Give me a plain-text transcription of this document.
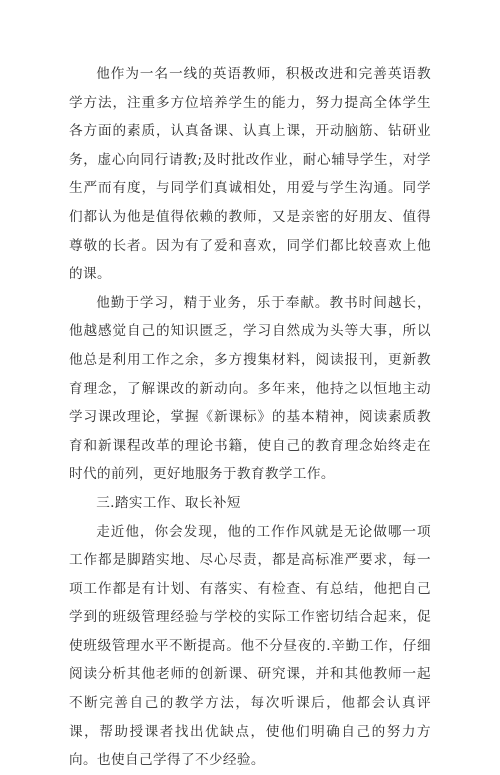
他作为一名一线的英语教师，积极改进和完善英语教学方法，注重多方位培养学生的能力，努力提高全体学生各方面的素质，认真备课、认真上课，开动脑筋、钻研业务，虚心向同行请教;及时批改作业，耐心辅导学生，对学生严而有度，与同学们真诚相处，用爱与学生沟通。同学们都认为他是值得依赖的教师，又是亲密的好朋友、值得尊敬的长者。因为有了爱和喜欢，同学们都比较喜欢上他的课。

他勤于学习，精于业务，乐于奉献。教书时间越长，他越感觉自己的知识匮乏，学习自然成为头等大事，所以他总是利用工作之余，多方搜集材料，阅读报刊，更新教育理念，了解课改的新动向。多年来，他持之以恒地主动学习课改理论，掌握《新课标》的基本精神，阅读素质教育和新课程改革的理论书籍，使自己的教育理念始终走在时代的前列，更好地服务于教育教学工作。

三.踏实工作、取长补短

走近他，你会发现，他的工作作风就是无论做哪一项工作都是脚踏实地、尽心尽责，都是高标准严要求，每一项工作都是有计划、有落实、有检查、有总结，他把自己学到的班级管理经验与学校的实际工作密切结合起来，促使班级管理水平不断提高。他不分昼夜的.辛勤工作，仔细阅读分析其他老师的创新课、研究课，并和其他教师一起不断完善自己的教学方法，每次听课后，他都会认真评课，帮助授课者找出优缺点，使他们明确自己的努力方向。也使自己学得了不少经验。
